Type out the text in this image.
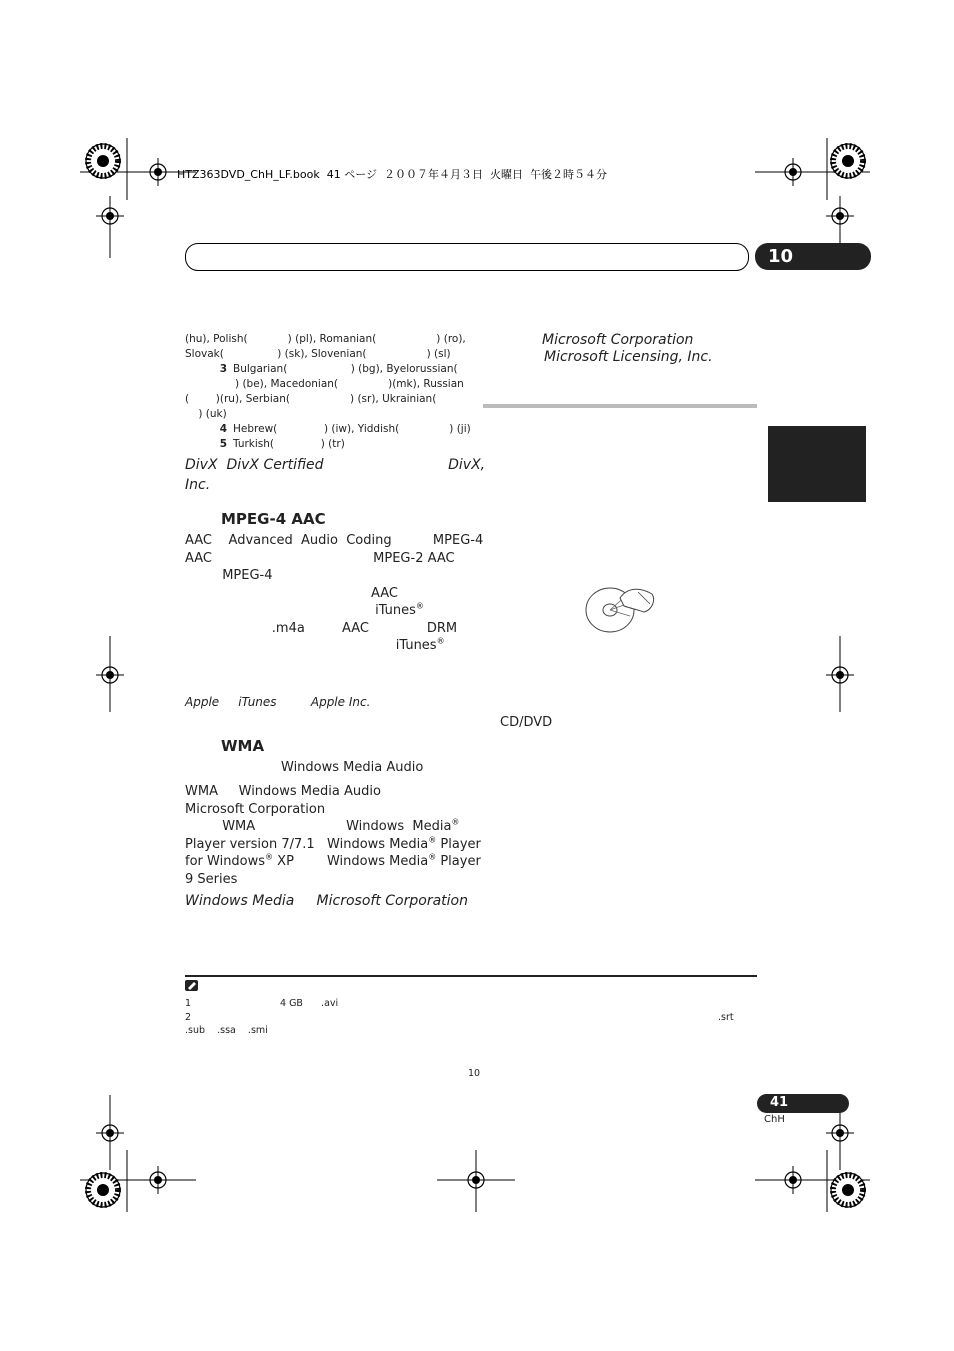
HTZ363DVD_ChH_LF.book  41 ページ  ２００７年４月３日  火曜日  午後２時５４分
10
(hu), Polish(            ) (pl), Romanian(                  ) (ro),
Slovak(                ) (sk), Slovenian(                  ) (sl)
3 Bulgarian(                   ) (bg), Byelorussian(
) (be), Macedonian(               )(mk), Russian
(        )(ru), Serbian(                  ) (sr), Ukrainian(
) (uk)
4 Hebrew(              ) (iw), Yiddish(               ) (ji)
5 Turkish(              ) (tr)
DivX  DivX Certified                            DivX,
Inc.
MPEG-4 AAC
AAC    Advanced  Audio  Coding          MPEG-4
AAC                                       MPEG-2 AAC
MPEG-4
AAC
iTunes®
.m4a         AAC              DRM
iTunes®
Apple     iTunes         Apple Inc.
WMA
Windows Media Audio
WMA     Windows Media Audio
Microsoft Corporation
WMA                      Windows  Media®
Player version 7/7.1   Windows Media® Player
for Windows® XP        Windows Media® Player
9 Series
Windows Media     Microsoft Corporation
Microsoft Corporation
Microsoft Licensing, Inc.
CD/DVD
1	4 GB      .avi
2	.srt
.sub    .ssa    .smi
10
41
ChH
